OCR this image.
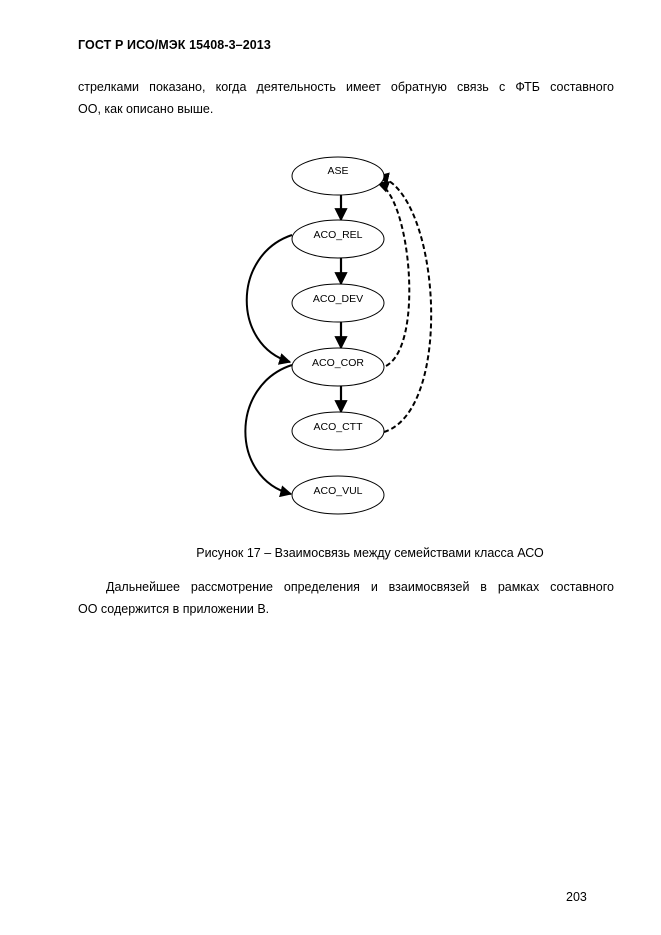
ГОСТ Р ИСО/МЭК 15408-3–2013
стрелками показано, когда деятельность имеет обратную связь с ФТБ составного
ОО, как описано выше.
ASE
ACO_REL
ACO_DEV
ACO_COR
ACO_CTT
ACO_VUL
Рисунок 17 – Взаимосвязь между семействами класса АСО
Дальнейшее рассмотрение определения и взаимосвязей в рамках составного
ОО содержится в приложении В.
203
